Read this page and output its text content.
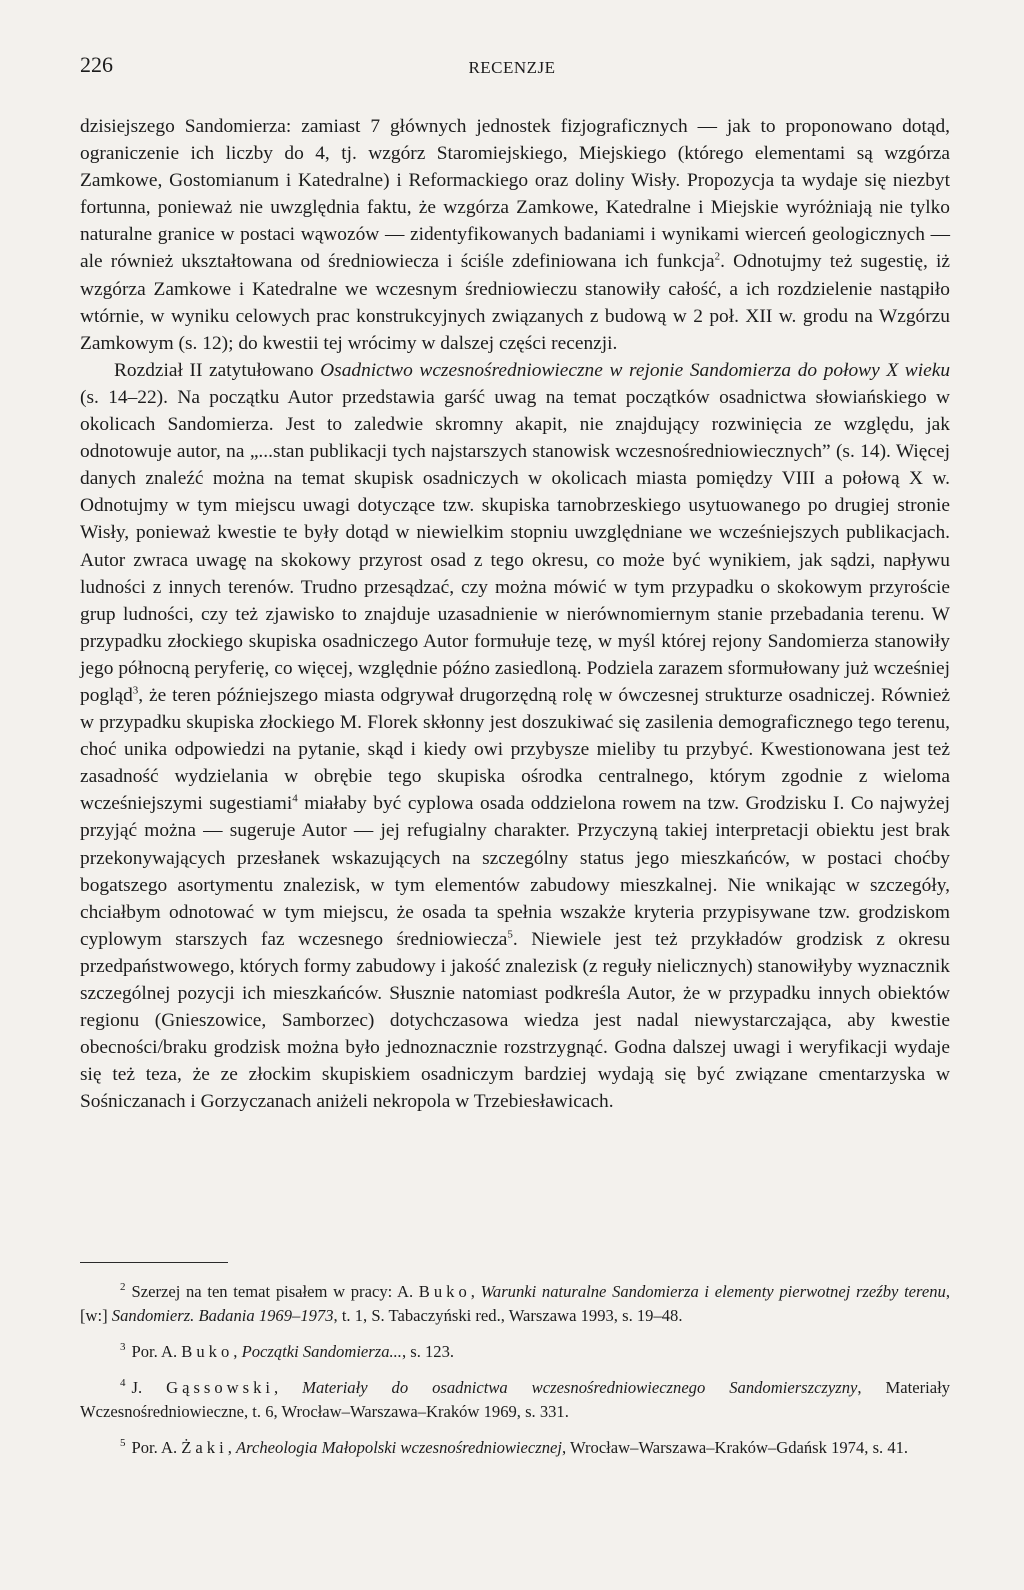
226	RECENZJE

dzisiejszego Sandomierza: zamiast 7 głównych jednostek fizjograficznych — jak to proponowano dotąd, ograniczenie ich liczby do 4, tj. wzgórz Staromiejskiego, Miejskiego (którego elementami są wzgórza Zamkowe, Gostomianum i Katedralne) i Reformackiego oraz doliny Wisły. Propozycja ta wydaje się niezbyt fortunna, ponieważ nie uwzględnia faktu, że wzgórza Zamkowe, Katedralne i Miejskie wyróżniają nie tylko naturalne granice w postaci wąwozów — zidentyfikowanych badaniami i wynikami wierceń geologicznych — ale również ukształtowana od średniowiecza i ściśle zdefiniowana ich funkcja$^2$. Odnotujmy też sugestię, iż wzgórza Zamkowe i Katedralne we wczesnym średniowieczu stanowiły całość, a ich rozdzielenie nastąpiło wtórnie, w wyniku celowych prac konstrukcyjnych związanych z budową w 2 poł. XII w. grodu na Wzgórzu Zamkowym (s. 12); do kwestii tej wrócimy w dalszej części recenzji.

Rozdział II zatytułowano Osadnictwo wczesnośredniowieczne w rejonie Sandomierza do połowy X wieku (s. 14–22). Na początku Autor przedstawia garść uwag na temat początków osadnictwa słowiańskiego w okolicach Sandomierza. Jest to zaledwie skromny akapit, nie znajdujący rozwinięcia ze względu, jak odnotowuje autor, na „...stan publikacji tych najstarszych stanowisk wczesnośredniowiecznych” (s. 14). Więcej danych znaleźć można na temat skupisk osadniczych w okolicach miasta pomiędzy VIII a połową X w. Odnotujmy w tym miejscu uwagi dotyczące tzw. skupiska tarnobrzeskiego usytuowanego po drugiej stronie Wisły, ponieważ kwestie te były dotąd w niewielkim stopniu uwzględniane we wcześniejszych publikacjach. Autor zwraca uwagę na skokowy przyrost osad z tego okresu, co może być wynikiem, jak sądzi, napływu ludności z innych terenów. Trudno przesądzać, czy można mówić w tym przypadku o skokowym przyroście grup ludności, czy też zjawisko to znajduje uzasadnienie w nierównomiernym stanie przebadania terenu. W przypadku złockiego skupiska osadniczego Autor formułuje tezę, w myśl której rejony Sandomierza stanowiły jego północną peryferię, co więcej, względnie późno zasiedloną. Podziela zarazem sformułowany już wcześniej pogląd$^3$, że teren późniejszego miasta odgrywał drugorzędną rolę w ówczesnej strukturze osadniczej. Również w przypadku skupiska złockiego M. Florek skłonny jest doszukiwać się zasilenia demograficznego tego terenu, choć unika odpowiedzi na pytanie, skąd i kiedy owi przybysze mieliby tu przybyć. Kwestionowana jest też zasadność wydzielania w obrębie tego skupiska ośrodka centralnego, którym zgodnie z wieloma wcześniejszymi sugestiami$^4$ miałaby być cyplowa osada oddzielona rowem na tzw. Grodzisku I. Co najwyżej przyjąć można — sugeruje Autor — jej refugialny charakter. Przyczyną takiej interpretacji obiektu jest brak przekonywających przesłanek wskazujących na szczególny status jego mieszkańców, w postaci choćby bogatszego asortymentu znalezisk, w tym elementów zabudowy mieszkalnej. Nie wnikając w szczegóły, chciałbym odnotować w tym miejscu, że osada ta spełnia wszakże kryteria przypisywane tzw. grodziskom cyplowym starszych faz wczesnego średniowiecza$^5$. Niewiele jest też przykładów grodzisk z okresu przedpaństwowego, których formy zabudowy i jakość znalezisk (z reguły nielicznych) stanowiłyby wyznacznik szczególnej pozycji ich mieszkańców. Słusznie natomiast podkreśla Autor, że w przypadku innych obiektów regionu (Gnieszowice, Samborzec) dotychczasowa wiedza jest nadal niewystarczająca, aby kwestie obecności/braku grodzisk można było jednoznacznie rozstrzygnąć. Godna dalszej uwagi i weryfikacji wydaje się też teza, że ze złockim skupiskiem osadniczym bardziej wydają się być związane cmentarzyska w Sośniczanach i Gorzyczanach aniżeli nekropola w Trzebiesławicach.

$^2$ Szerzej na ten temat pisałem w pracy: A. Buko, Warunki naturalne Sandomierza i elementy pierwotnej rzeźby terenu, [w:] Sandomierz. Badania 1969–1973, t. 1, S. Tabaczyński red., Warszawa 1993, s. 19–48.

$^3$ Por. A. Buko, Początki Sandomierza..., s. 123.

$^4$ J. Gąssowski, Materiały do osadnictwa wczesnośredniowiecznego Sandomierszczyzny, Materiały Wczesnośredniowieczne, t. 6, Wrocław–Warszawa–Kraków 1969, s. 331.

$^5$ Por. A. Żaki, Archeologia Małopolski wczesnośredniowiecznej, Wrocław–Warszawa–Kraków–Gdańsk 1974, s. 41.
